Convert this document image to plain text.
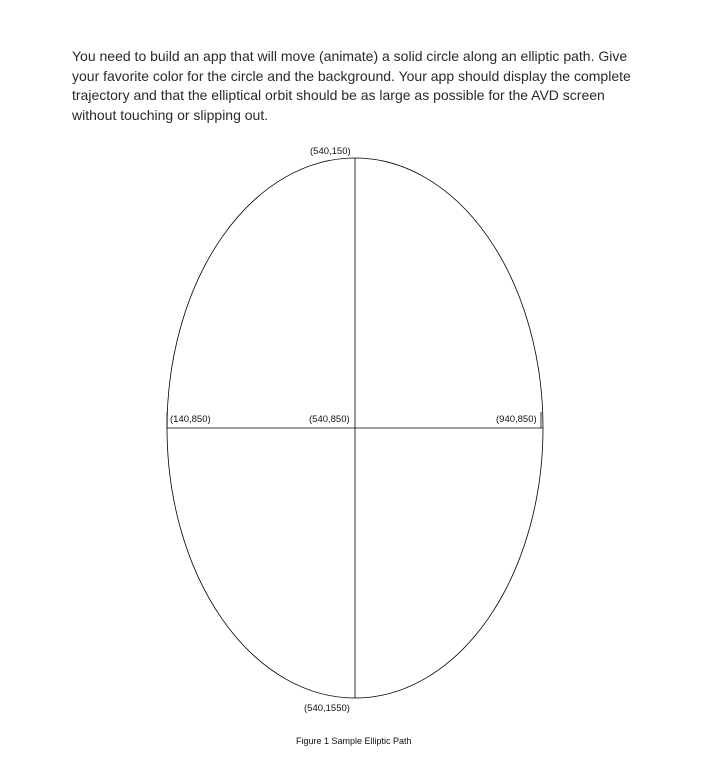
You need to build an app that will move (animate) a solid circle along an elliptic path. Give your favorite color for the circle and the background. Your app should display the complete trajectory and that the elliptical orbit should be as large as possible for the AVD screen without touching or slipping out.

(540,150)
(140,850)	(540,850)	(940,850)
(540,1550)
Figure 1 Sample Elliptic Path
